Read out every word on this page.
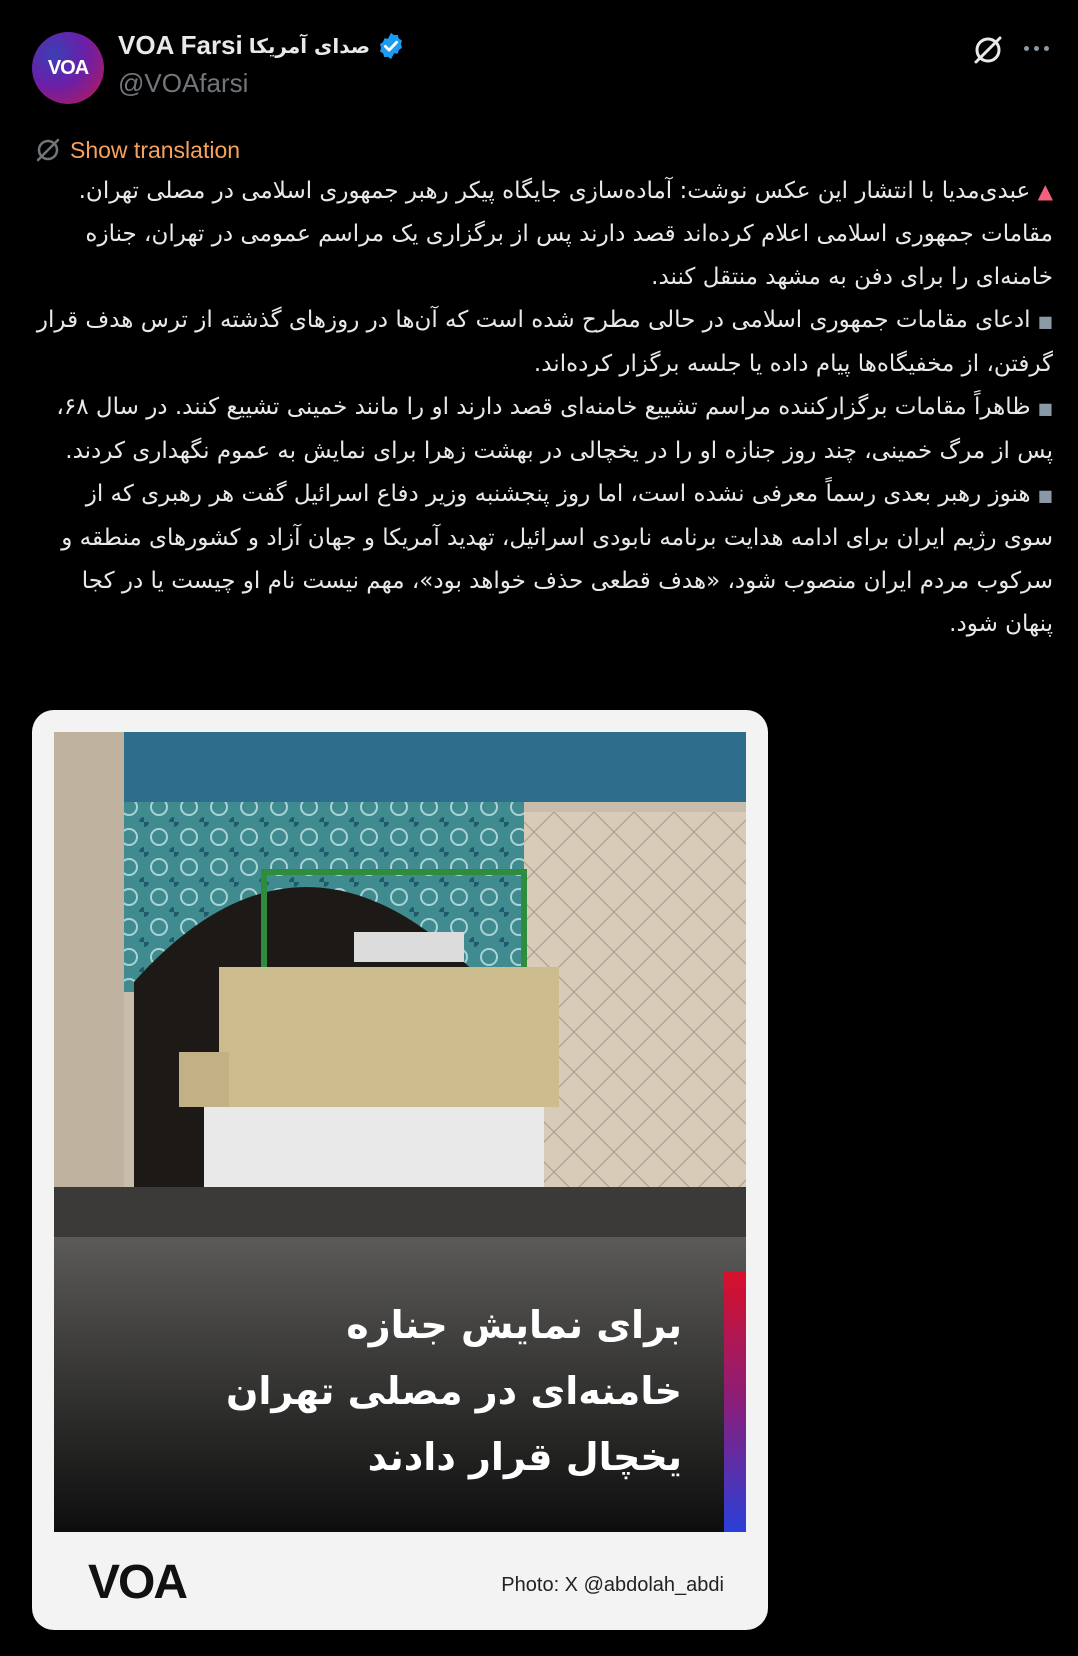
VOA
VOA Farsi صدای آمریکا
@VOAfarsi
Show translation

▲ عبدی‌مدیا با انتشار این عکس نوشت: آماده‌سازی جایگاه پیکر رهبر جمهوری اسلامی در مصلی تهران. مقامات جمهوری اسلامی اعلام کرده‌اند قصد دارند پس از برگزاری یک مراسم عمومی در تهران، جنازه خامنه‌ای را برای دفن به مشهد منتقل کنند.

■ ادعای مقامات جمهوری اسلامی در حالی مطرح شده است که آن‌ها در روزهای گذشته از ترس هدف قرار گرفتن، از مخفیگاه‌ها پیام داده یا جلسه برگزار کرده‌اند.

■ ظاهراً مقامات برگزارکننده مراسم تشییع خامنه‌ای قصد دارند او را مانند خمینی تشییع کنند. در سال ۶۸، پس از مرگ خمینی، چند روز جنازه او را در یخچالی در بهشت زهرا برای نمایش به عموم نگهداری کردند.

■ هنوز رهبر بعدی رسماً معرفی نشده است، اما روز پنجشنبه وزیر دفاع اسرائیل گفت هر رهبری که از سوی رژیم ایران برای ادامه هدایت برنامه نابودی اسرائیل، تهدید آمریکا و جهان آزاد و کشورهای منطقه و سرکوب مردم ایران منصوب شود، «هدف قطعی حذف خواهد بود»، مهم نیست نام او چیست یا در کجا پنهان شود.

برای نمایش جنازه
خامنه‌ای در مصلی تهران
یخچال قرار دادند
VOA	Photo: X @abdolah_abdi
